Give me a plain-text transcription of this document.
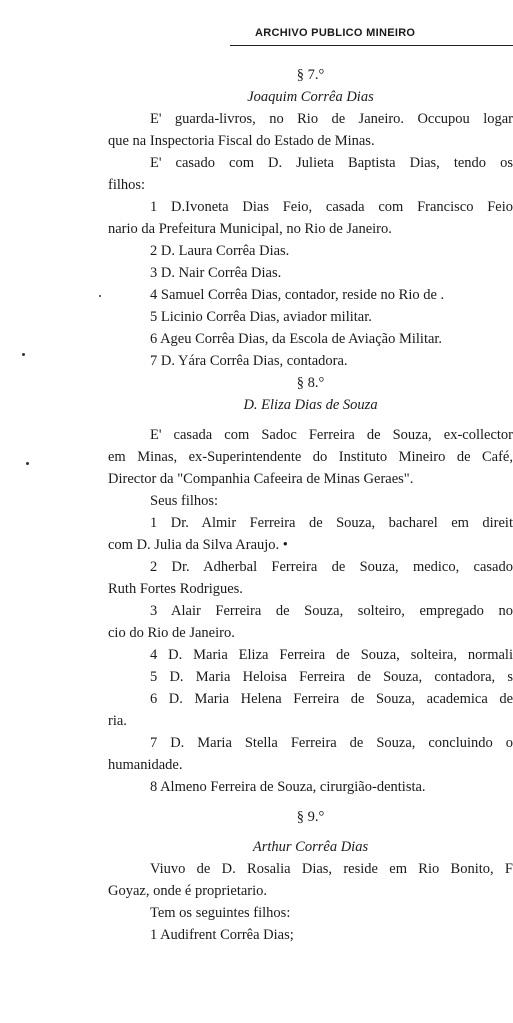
ARCHIVO PUBLICO MINEIRO

§ 7.°

Joaquim Corrêa Dias

E' guarda-livros, no Rio de Janeiro. Occupou logar

que na Inspectoria Fiscal do Estado de Minas.

E' casado com D. Julieta Baptista Dias, tendo os

filhos:

1 D.Ivoneta Dias Feio, casada com Francisco Feio

nario da Prefeitura Municipal, no Rio de Janeiro.

2 D. Laura Corrêa Dias.

3 D. Nair Corrêa Dias.

4 Samuel Corrêa Dias, contador, reside no Rio de .

5 Licinio Corrêa Dias, aviador militar.

6 Ageu Corrêa Dias, da Escola de Aviação Militar.

7 D. Yára Corrêa Dias, contadora.

§ 8.°

D. Eliza Dias de Souza

E' casada com Sadoc Ferreira de Souza, ex-collector

em Minas, ex-Superintendente do Instituto Mineiro de Café,

Director da "Companhia Cafeeira de Minas Geraes".

Seus filhos:

1 Dr. Almir Ferreira de Souza, bacharel em direit

com D. Julia da Silva Araujo. •

2 Dr. Adherbal Ferreira de Souza, medico, casado

Ruth Fortes Rodrigues.

3 Alair Ferreira de Souza, solteiro, empregado no

cio do Rio de Janeiro.

4 D. Maria Eliza Ferreira de Souza, solteira, normali

5 D. Maria Heloisa Ferreira de Souza, contadora, s

6 D. Maria Helena Ferreira de Souza, academica de

ria.

7 D. Maria Stella Ferreira de Souza, concluindo o

humanidade.

8 Almeno Ferreira de Souza, cirurgião-dentista.

§ 9.°

Arthur Corrêa Dias

Viuvo de D. Rosalia Dias, reside em Rio Bonito, F

Goyaz, onde é proprietario.

Tem os seguintes filhos:

1 Audifrent Corrêa Dias;
